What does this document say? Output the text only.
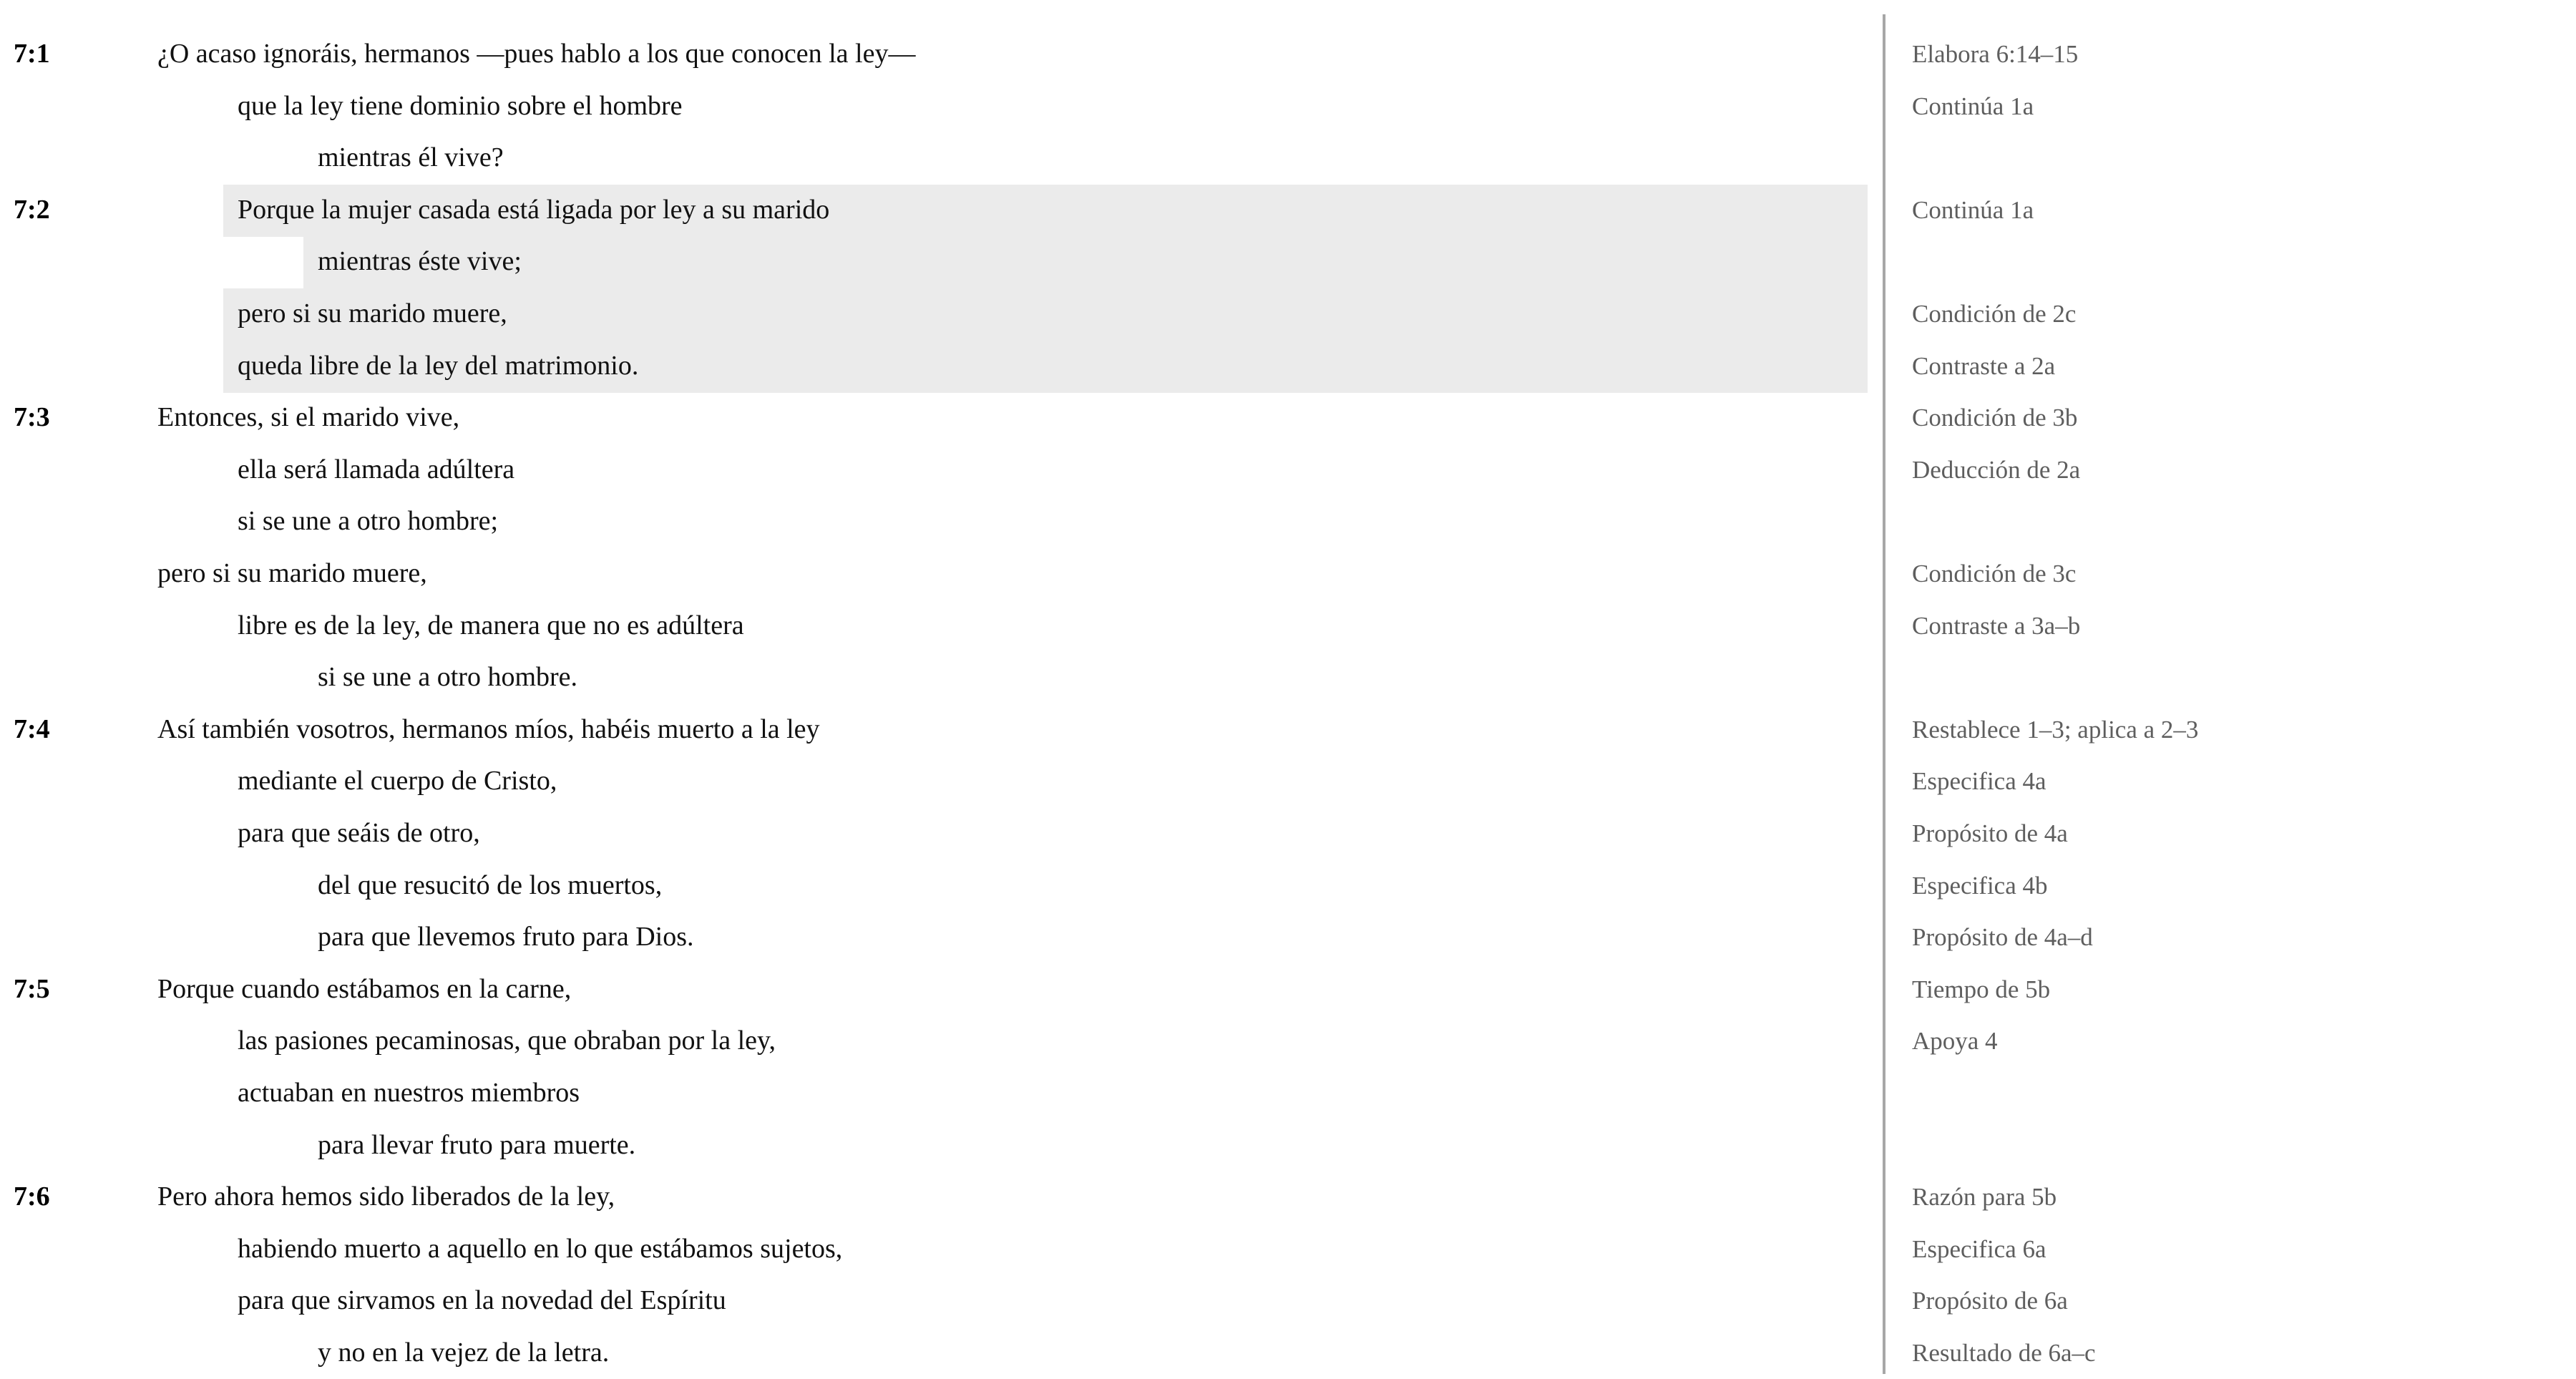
7:1	¿O acaso ignoráis, hermanos —pues hablo a los que conocen la ley—	Elabora 6:14–15
que la ley tiene dominio sobre el hombre	Continúa 1a
mientras él vive?
7:2	Porque la mujer casada está ligada por ley a su marido	Continúa 1a
mientras éste vive;
pero si su marido muere,	Condición de 2c
queda libre de la ley del matrimonio.	Contraste a 2a
7:3	Entonces, si el marido vive,	Condición de 3b
ella será llamada adúltera	Deducción de 2a
si se une a otro hombre;
pero si su marido muere,	Condición de 3c
libre es de la ley, de manera que no es adúltera	Contraste a 3a–b
si se une a otro hombre.
7:4	Así también vosotros, hermanos míos, habéis muerto a la ley	Restablece 1–3; aplica a 2–3
mediante el cuerpo de Cristo,	Especifica 4a
para que seáis de otro,	Propósito de 4a
del que resucitó de los muertos,	Especifica 4b
para que llevemos fruto para Dios.	Propósito de 4a–d
7:5	Porque cuando estábamos en la carne,	Tiempo de 5b
las pasiones pecaminosas, que obraban por la ley,	Apoya 4
actuaban en nuestros miembros
para llevar fruto para muerte.
7:6	Pero ahora hemos sido liberados de la ley,	Razón para 5b
habiendo muerto a aquello en lo que estábamos sujetos,	Especifica 6a
para que sirvamos en la novedad del Espíritu	Propósito de 6a
y no en la vejez de la letra.	Resultado de 6a–c
